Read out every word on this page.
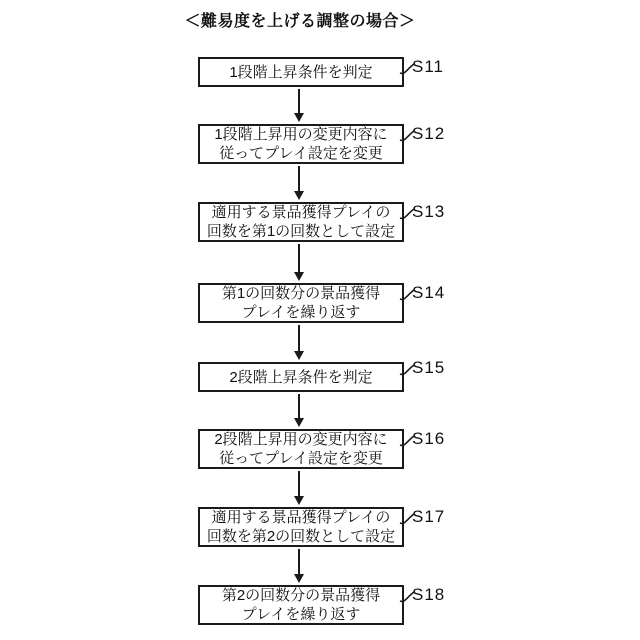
＜難易度を上げる調整の場合＞
1段階上昇条件を判定 S11
1段階上昇用の変更内容に
従ってプレイ設定を変更
S12
適用する景品獲得プレイの
回数を第1の回数として設定
S13
第1の回数分の景品獲得
プレイを繰り返す
S14
2段階上昇条件を判定 S15
2段階上昇用の変更内容に
従ってプレイ設定を変更
S16
適用する景品獲得プレイの
回数を第2の回数として設定
S17
第2の回数分の景品獲得
プレイを繰り返す
S18
